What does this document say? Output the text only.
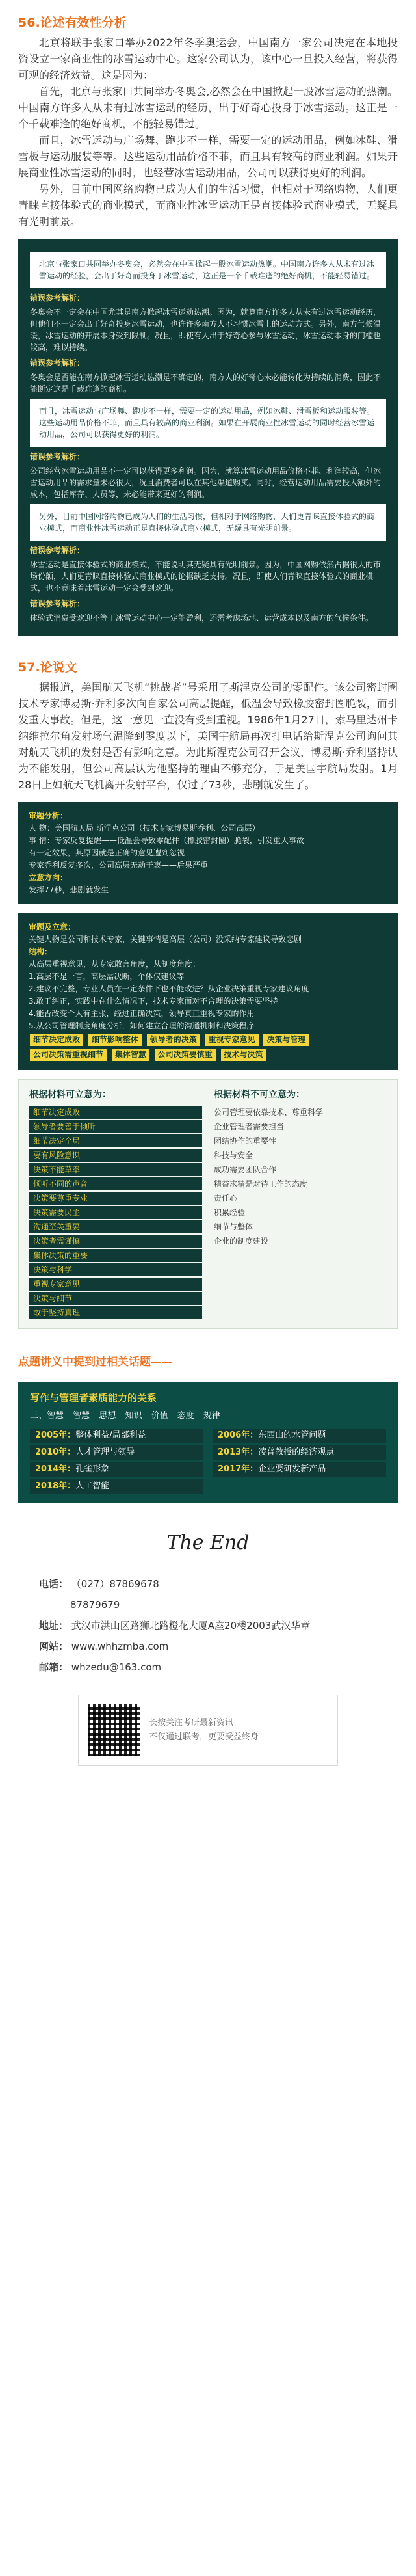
56.论述有效性分析

北京将联手张家口举办2022年冬季奥运会，中国南方一家公司决定在本地投资设立一家商业性的冰雪运动中心。这家公司认为，该中心一旦投入经营，将获得可观的经济效益。这是因为：

首先，北京与张家口共同举办冬奥会,必然会在中国掀起一股冰雪运动的热潮。中国南方许多人从未有过冰雪运动的经历，出于好奇心投身于冰雪运动。这正是一个千载难逢的绝好商机，不能轻易错过。

而且，冰雪运动与广场舞、跑步不一样，需要一定的运动用品，例如冰鞋、滑雪板与运动服装等等。这些运动用品价格不菲，而且具有较高的商业利润。如果开展商业性冰雪运动的同时，也经营冰雪运动用品，公司可以获得更好的利润。

另外，目前中国网络购物已成为人们的生活习惯，但相对于网络购物，人们更青睐直接体验式的商业模式，而商业性冰雪运动正是直接体验式商业模式，无疑具有光明前景。

北京与张家口共同举办冬奥会，必然会在中国掀起一股冰雪运动热潮。中国南方许多人从未有过冰雪运动的经验，会出于好奇而投身于冰雪运动，这正是一个千载难逢的绝好商机，不能轻易错过。
错误参考解析：

冬奥会不一定会在中国尤其是南方掀起冰雪运动热潮。因为，就算南方许多人从未有过冰雪运动经历，但他们不一定会出于好奇投身冰雪运动，也许许多南方人不习惯冰雪上的运动方式。另外，南方气候温暖，冰雪运动的开展本身受到限制。况且，即使有人出于好奇心参与冰雪运动，冰雪运动本身的门槛也较高，难以持续。

错误参考解析：

冬奥会是否能在南方掀起冰雪运动热潮是不确定的，南方人的好奇心未必能转化为持续的消费，因此不能断定这是千载难逢的商机。

而且，冰雪运动与广场舞、跑步不一样，需要一定的运动用品，例如冰鞋、滑雪板和运动服装等。这些运动用品价格不菲，而且具有较高的商业利润。如果在开展商业性冰雪运动的同时经营冰雪运动用品，公司可以获得更好的利润。
错误参考解析：

公司经营冰雪运动用品不一定可以获得更多利润。因为，就算冰雪运动用品价格不菲、利润较高，但冰雪运动用品的需求量未必很大，况且消费者可以在其他渠道购买。同时，经营运动用品需要投入额外的成本，包括库存、人员等，未必能带来更好的利润。

另外，目前中国网络购物已成为人们的生活习惯，但相对于网络购物，人们更青睐直接体验式的商业模式，而商业性冰雪运动正是直接体验式商业模式，无疑具有光明前景。
错误参考解析：

冰雪运动是直接体验式的商业模式，不能说明其无疑具有光明前景。因为，中国网购依然占据很大的市场份额，人们更青睐直接体验式商业模式的论据缺乏支持。况且，即使人们青睐直接体验式的商业模式，也不意味着冰雪运动一定会受到欢迎。

错误参考解析：

体验式消费受欢迎不等于冰雪运动中心一定能盈利，还需考虑场地、运营成本以及南方的气候条件。

57.论说文

据报道，美国航天飞机“挑战者”号采用了斯涅克公司的零配件。该公司密封圈技术专家博易斯·乔利多次向自家公司高层提醒，低温会导致橡胶密封圈脆裂，而引发重大事故。但是，这一意见一直没有受到重视。1986年1月27日，索马里达州卡纳维拉尔角发射场气温降到零度以下，美国宇航局再次打电话给斯涅克公司询问其对航天飞机的发射是否有影响之意。为此斯涅克公司召开会议，博易斯·乔利坚持认为不能发射，但公司高层认为他坚持的理由不够充分，于是美国宇航局发射。1月28日上如航天飞机离开发射平台，仅过了73秒，悲剧就发生了。

审题分析：
人 物：美国航天局 斯涅克公司（技术专家博易斯乔利、公司高层）
事 情：专家反复提醒——低温会导致零配件（橡胶密封圈）脆裂，引发重大事故
有一定效果，其原因就是正确的意见遭到忽视
专家乔利反复多次，公司高层无动于衷——后果严重
立意方向：
发挥77秒，悲剧就发生
审题及立意：
关键人物是公司和技术专家，关键事情是高层（公司）没采纳专家建议导致悲剧
结构：
从高层重视意见，从专家敢言角度，从制度角度：
1.高层不是一言，高层需决断，个体仅建议等
2.建议不完整，专业人员在一定条件下也不能改进？从企业决策重视专家建议角度
3.敢于纠正，实践中在什么情况下，技术专家面对不合理的决策需要坚持
4.能否改变个人有主张，经过正确决策，领导真正重视专家的作用
5.从公司管理制度角度分析，如何建立合理的沟通机制和决策程序
细节决定成败 细节影响整体 领导者的决策 重视专家意见 决策与管理 公司决策需重视细节 集体智慧 公司决策要慎重 技术与决策
根据材料可立意为：
细节决定成败
领导者要善于倾听
细节决定全局
要有风险意识
决策不能草率
倾听不同的声音
决策要尊重专业
决策需要民主
沟通至关重要
决策者需谨慎
集体决策的重要
决策与科学
重视专家意见
决策与细节
敢于坚持真理
根据材料不可立意为：
公司管理要依靠技术、尊重科学
企业管理者需要担当
团结协作的重要性
科技与安全
成功需要团队合作
精益求精是对待工作的态度
责任心
积累经验
细节与整体
企业的制度建设
点题讲义中提到过相关话题——
写作与管理者素质能力的关系
三、智慧 智慧 思想 知识 价值 态度 规律
2005年：整体利益/局部利益	2006年：东西山的水管问题
2010年：人才管理与领导	2013年：凌普教授的经济观点
2014年：孔雀形象	2017年：企业要研发新产品
2018年：人工智能
The End
电话： （027）87869678
87879679
地址： 武汉市洪山区路狮北路橙花大厦A座20楼2003武汉华章
网站： www.whhzmba.com
邮箱： whzedu@163.com
长按关注考研最新资讯
不仅通过联考，更要受益终身
